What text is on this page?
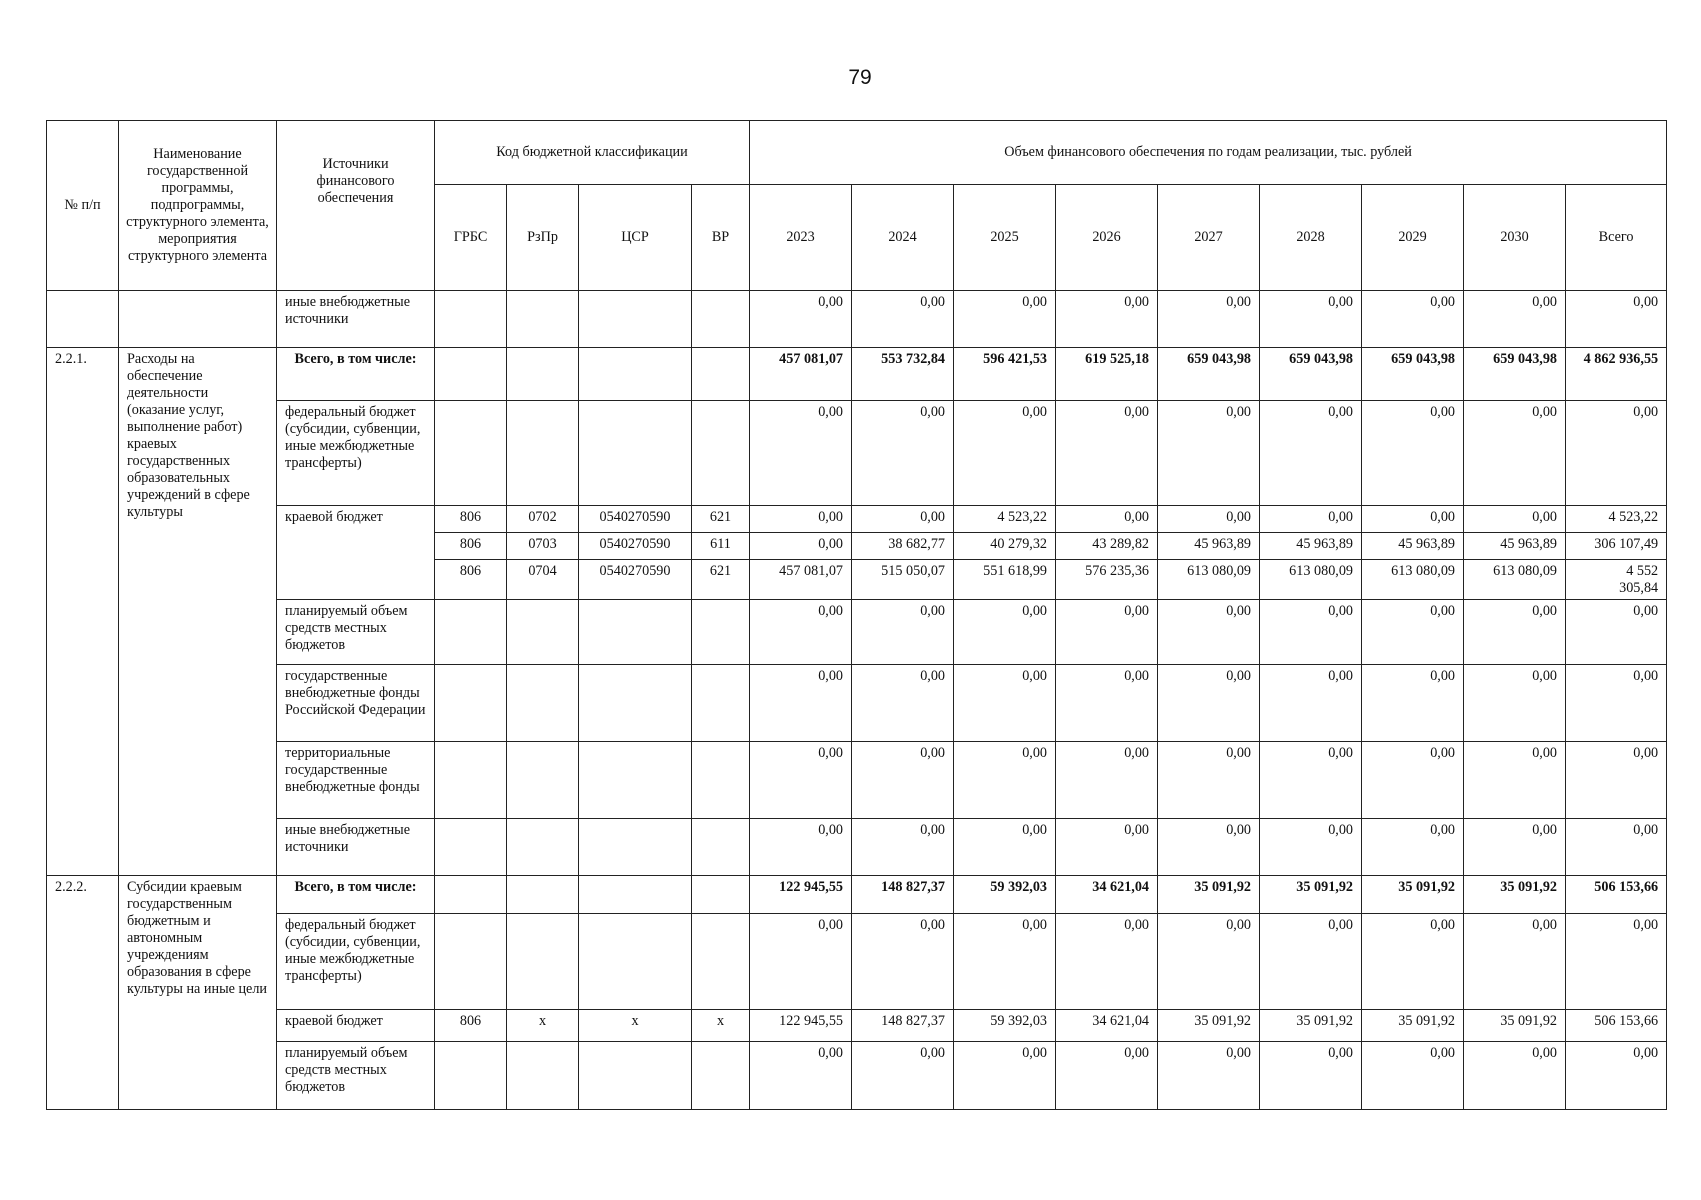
79
№ п/п	Наименование государственной программы, подпрограммы, структурного элемента, мероприятия структурного элемента	Источники финансового обеспечения	Код бюджетной классификации				Объем финансового обеспечения по годам реализации, тыс. рублей								
			ГРБС	РзПр	ЦСР	ВР	2023	2024	2025	2026	2027	2028	2029	2030	Всего
		иные внебюджетные источники					0,00	0,00	0,00	0,00	0,00	0,00	0,00	0,00	0,00
2.2.1.	Расходы на обеспечение деятельности (оказание услуг, выполнение работ) краевых государственных образовательных учреждений в сфере культуры	Всего, в том числе:					457 081,07	553 732,84	596 421,53	619 525,18	659 043,98	659 043,98	659 043,98	659 043,98	4 862 936,55
		федеральный бюджет (субсидии, субвенции, иные межбюджетные трансферты)					0,00	0,00	0,00	0,00	0,00	0,00	0,00	0,00	0,00
		краевой бюджет	806	0702	0540270590	621	0,00	0,00	4 523,22	0,00	0,00	0,00	0,00	0,00	4 523,22
			806	0703	0540270590	611	0,00	38 682,77	40 279,32	43 289,82	45 963,89	45 963,89	45 963,89	45 963,89	306 107,49
			806	0704	0540270590	621	457 081,07	515 050,07	551 618,99	576 235,36	613 080,09	613 080,09	613 080,09	613 080,09	4 552 305,84
		планируемый объем средств местных бюджетов					0,00	0,00	0,00	0,00	0,00	0,00	0,00	0,00	0,00
		государственные внебюджетные фонды Российской Федерации					0,00	0,00	0,00	0,00	0,00	0,00	0,00	0,00	0,00
		территориальные государственные внебюджетные фонды					0,00	0,00	0,00	0,00	0,00	0,00	0,00	0,00	0,00
		иные внебюджетные источники					0,00	0,00	0,00	0,00	0,00	0,00	0,00	0,00	0,00
2.2.2.	Субсидии краевым государственным бюджетным и автономным учреждениям образования в сфере культуры на иные цели	Всего, в том числе:					122 945,55	148 827,37	59 392,03	34 621,04	35 091,92	35 091,92	35 091,92	35 091,92	506 153,66
		федеральный бюджет (субсидии, субвенции, иные межбюджетные трансферты)					0,00	0,00	0,00	0,00	0,00	0,00	0,00	0,00	0,00
		краевой бюджет	806	х	х	х	122 945,55	148 827,37	59 392,03	34 621,04	35 091,92	35 091,92	35 091,92	35 091,92	506 153,66
		планируемый объем средств местных бюджетов					0,00	0,00	0,00	0,00	0,00	0,00	0,00	0,00	0,00
